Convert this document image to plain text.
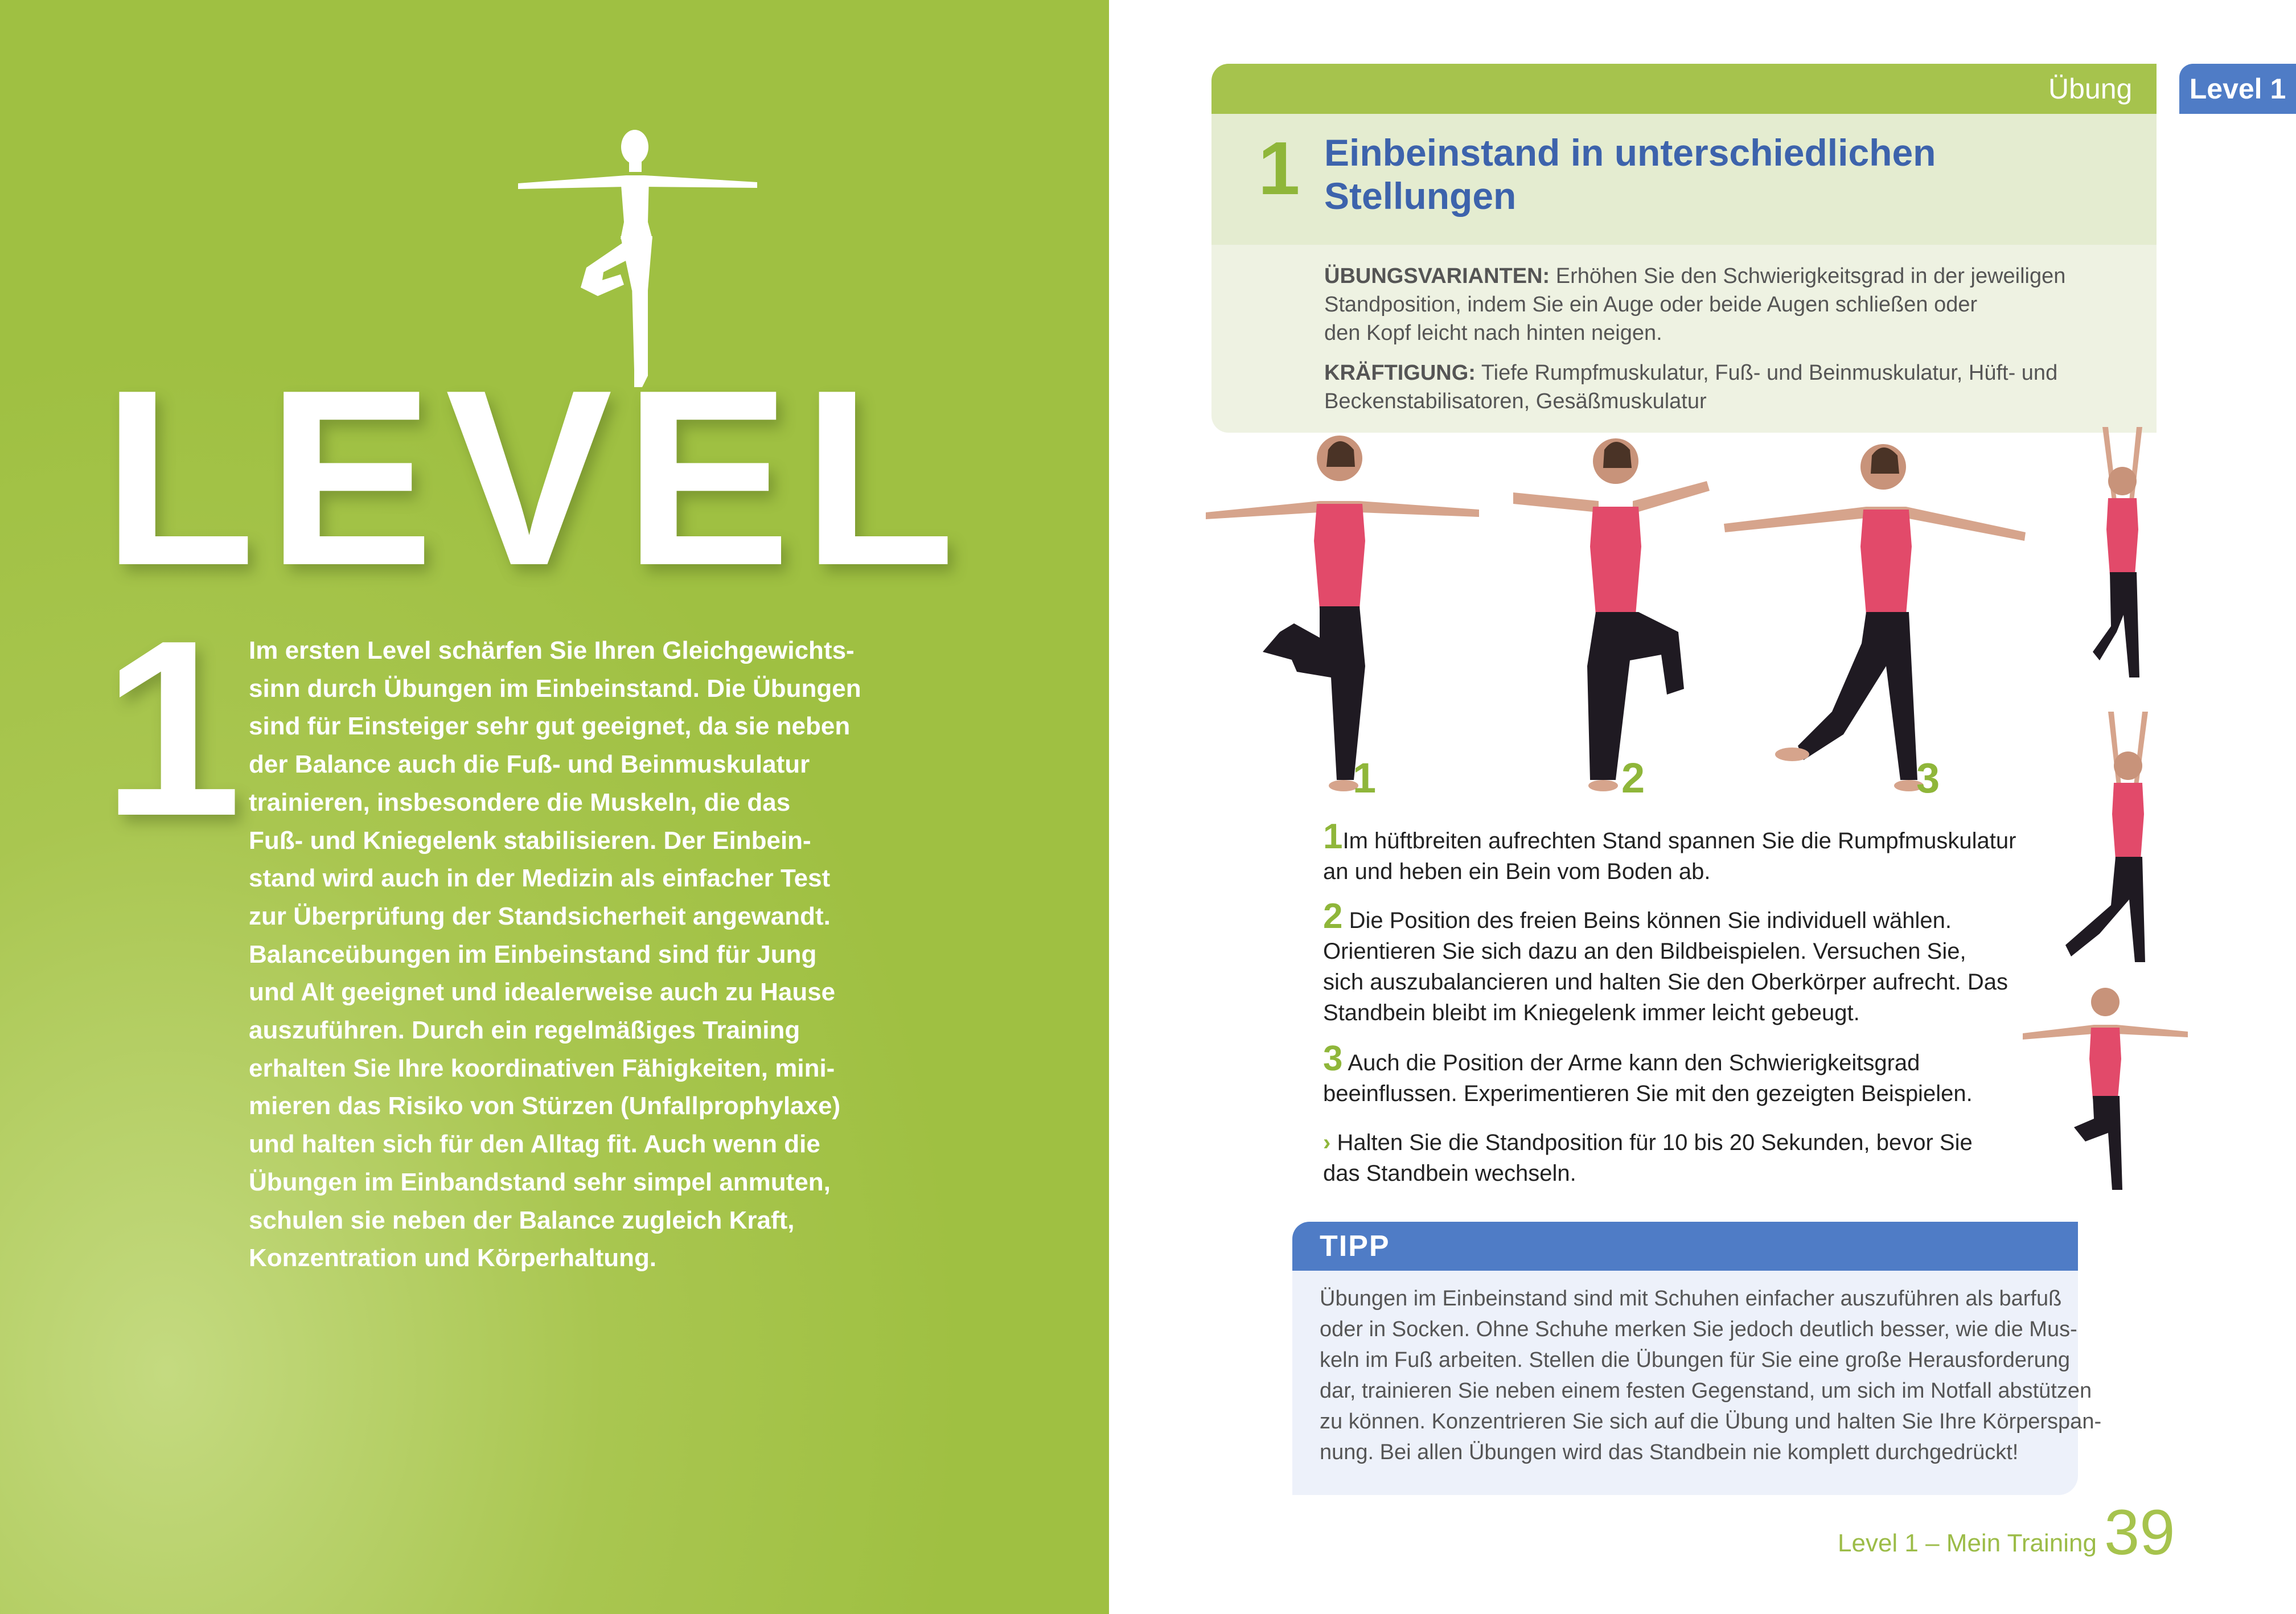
LEVEL 1
Im ersten Level schärfen Sie Ihren Gleichgewichts-
sinn durch Übungen im Einbeinstand. Die Übungen
sind für Einsteiger sehr gut geeignet, da sie neben
der Balance auch die Fuß- und Beinmuskulatur
trainieren, insbesondere die Muskeln, die das
Fuß- und Kniegelenk stabilisieren. Der Einbein-
stand wird auch in der Medizin als einfacher Test
zur Überprüfung der Standsicherheit angewandt.
Balanceübungen im Einbeinstand sind für Jung
und Alt geeignet und idealerweise auch zu Hause
auszuführen. Durch ein regelmäßiges Training
erhalten Sie Ihre koordinativen Fähigkeiten, mini-
mieren das Risiko von Stürzen (Unfallprophylaxe)
und halten sich für den Alltag fit. Auch wenn die
Übungen im Einbandstand sehr simpel anmuten,
schulen sie neben der Balance zugleich Kraft,
Konzentration und Körperhaltung.
Übung	Level 1
1 Einbeinstand in unterschiedlichen
Stellungen
ÜBUNGSVARIANTEN: Erhöhen Sie den Schwierigkeitsgrad in der jeweiligen
Standposition, indem Sie ein Auge oder beide Augen schließen oder
den Kopf leicht nach hinten neigen.
KRÄFTIGUNG: Tiefe Rumpfmuskulatur, Fuß- und Beinmuskulatur, Hüft- und
Beckenstabilisatoren, Gesäßmuskulatur
1	2	3
1Im hüftbreiten aufrechten Stand spannen Sie die Rumpfmuskulatur
an und heben ein Bein vom Boden ab.
2 Die Position des freien Beins können Sie individuell wählen.
Orientieren Sie sich dazu an den Bildbeispielen. Versuchen Sie,
sich auszubalancieren und halten Sie den Oberkörper aufrecht. Das
Standbein bleibt im Kniegelenk immer leicht gebeugt.
3 Auch die Position der Arme kann den Schwierigkeitsgrad
beeinflussen. Experimentieren Sie mit den gezeigten Beispielen.
› Halten Sie die Standposition für 10 bis 20 Sekunden, bevor Sie
das Standbein wechseln.
TIPP
Übungen im Einbeinstand sind mit Schuhen einfacher auszuführen als barfuß
oder in Socken. Ohne Schuhe merken Sie jedoch deutlich besser, wie die Mus-
keln im Fuß arbeiten. Stellen die Übungen für Sie eine große Herausforderung
dar, trainieren Sie neben einem festen Gegenstand, um sich im Notfall abstützen
zu können. Konzentrieren Sie sich auf die Übung und halten Sie Ihre Körperspan-
nung. Bei allen Übungen wird das Standbein nie komplett durchgedrückt!
Level 1 – Mein Training 39
